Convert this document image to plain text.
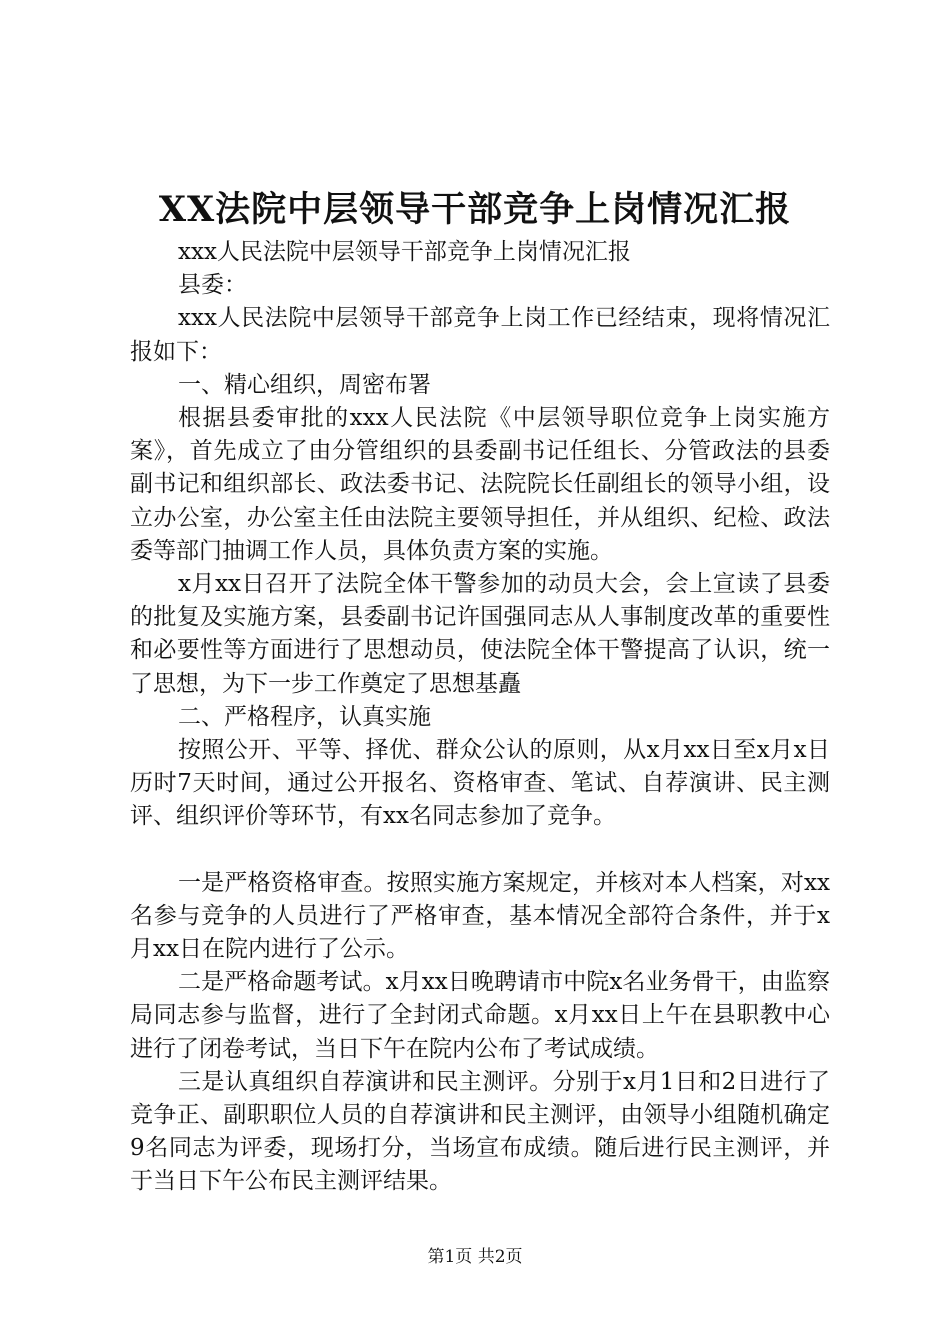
XX法院中层领导干部竞争上岗情况汇报

xxx人民法院中层领导干部竞争上岗情况汇报

县委：

xxx人民法院中层领导干部竞争上岗工作已经结束，现将情况汇报如下：

一、精心组织，周密布署

根据县委审批的xxx人民法院《中层领导职位竞争上岗实施方案》，首先成立了由分管组织的县委副书记任组长、分管政法的县委副书记和组织部长、政法委书记、法院院长任副组长的领导小组，设立办公室，办公室主任由法院主要领导担任，并从组织、纪检、政法委等部门抽调工作人员，具体负责方案的实施。

x月xx日召开了法院全体干警参加的动员大会，会上宣读了县委的批复及实施方案，县委副书记许国强同志从人事制度改革的重要性和必要性等方面进行了思想动员，使法院全体干警提高了认识，统一了思想，为下一步工作奠定了思想基矗

二、严格程序，认真实施

按照公开、平等、择优、群众公认的原则，从x月xx日至x月x日历时7天时间，通过公开报名、资格审查、笔试、自荐演讲、民主测评、组织评价等环节，有xx名同志参加了竞争。

一是严格资格审查。按照实施方案规定，并核对本人档案，对xx名参与竞争的人员进行了严格审查，基本情况全部符合条件，并于x月xx日在院内进行了公示。

二是严格命题考试。x月xx日晚聘请市中院x名业务骨干，由监察局同志参与监督，进行了全封闭式命题。x月xx日上午在县职教中心进行了闭卷考试，当日下午在院内公布了考试成绩。

三是认真组织自荐演讲和民主测评。分别于x月1日和2日进行了竞争正、副职职位人员的自荐演讲和民主测评，由领导小组随机确定9名同志为评委，现场打分，当场宣布成绩。随后进行民主测评，并于当日下午公布民主测评结果。

第1页 共2页
